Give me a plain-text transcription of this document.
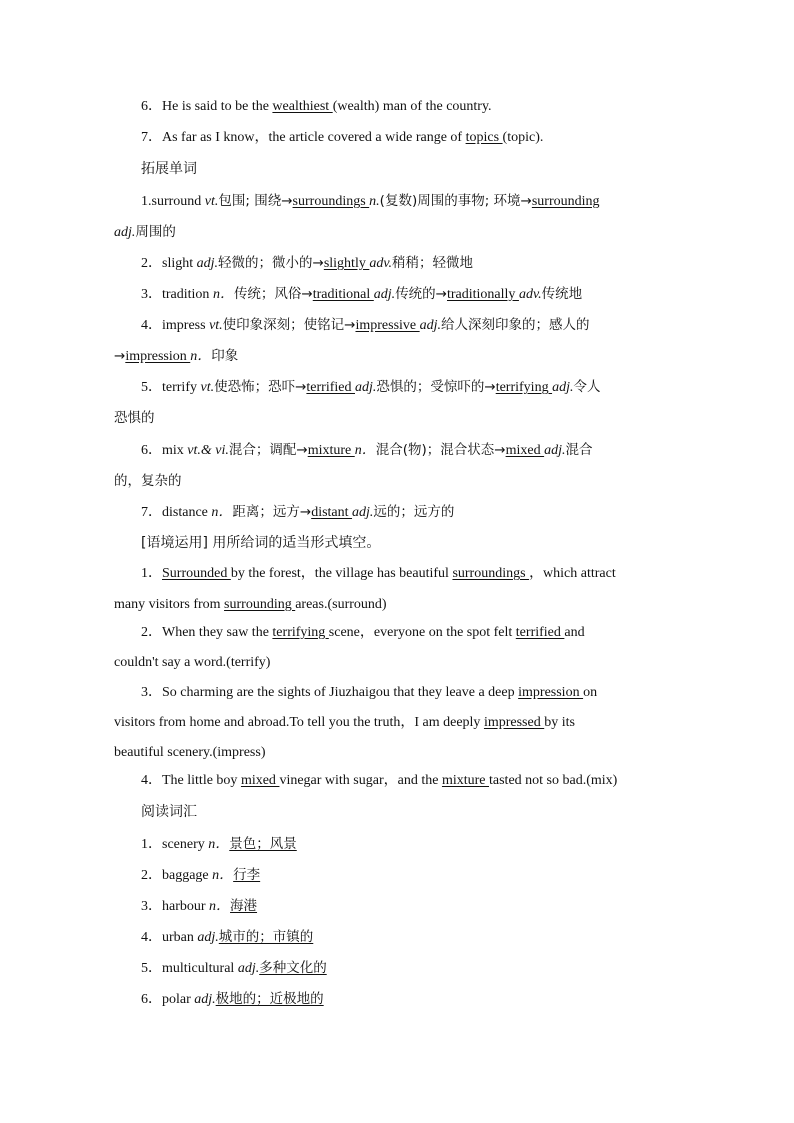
6．He is said to be the wealthiest (wealth) man of the country.
7．As far as I know，the article covered a wide range of topics (topic).
拓展单词
1.surround vt.包围; 围绕→surroundings n.(复数)周围的事物; 环境→surrounding
adj.周围的
2．slight adj.轻微的；微小的→slightly adv.稍稍；轻微地
3．tradition n．传统；风俗→traditional adj.传统的→traditionally adv.传统地
4．impress vt.使印象深刻；使铭记→impressive adj.给人深刻印象的；感人的
→impression n．印象
5．terrify vt.使恐怖；恐吓→terrified adj.恐惧的；受惊吓的→terrifying adj.令人
恐惧的
6．mix vt.& vi.混合；调配→mixture n．混合(物)；混合状态→mixed adj.混合
的，复杂的
7．distance n．距离；远方→distant adj.远的；远方的
[语境运用] 用所给词的适当形式填空。
1．Surrounded by the forest，the village has beautiful surroundings ，which attract
many visitors from surrounding areas.(surround)
2．When they saw the terrifying scene，everyone on the spot felt terrified and
couldn't say a word.(terrify)
3．So charming are the sights of Jiuzhaigou that they leave a deep impression on
visitors from home and abroad.To tell you the truth，I am deeply impressed by its
beautiful scenery.(impress)
4．The little boy mixed vinegar with sugar，and the mixture tasted not so bad.(mix)
阅读词汇
1．scenery n．景色；风景
2．baggage n．行李
3．harbour n．海港
4．urban adj.城市的；市镇的
5．multicultural adj.多种文化的
6．polar adj.极地的；近极地的
